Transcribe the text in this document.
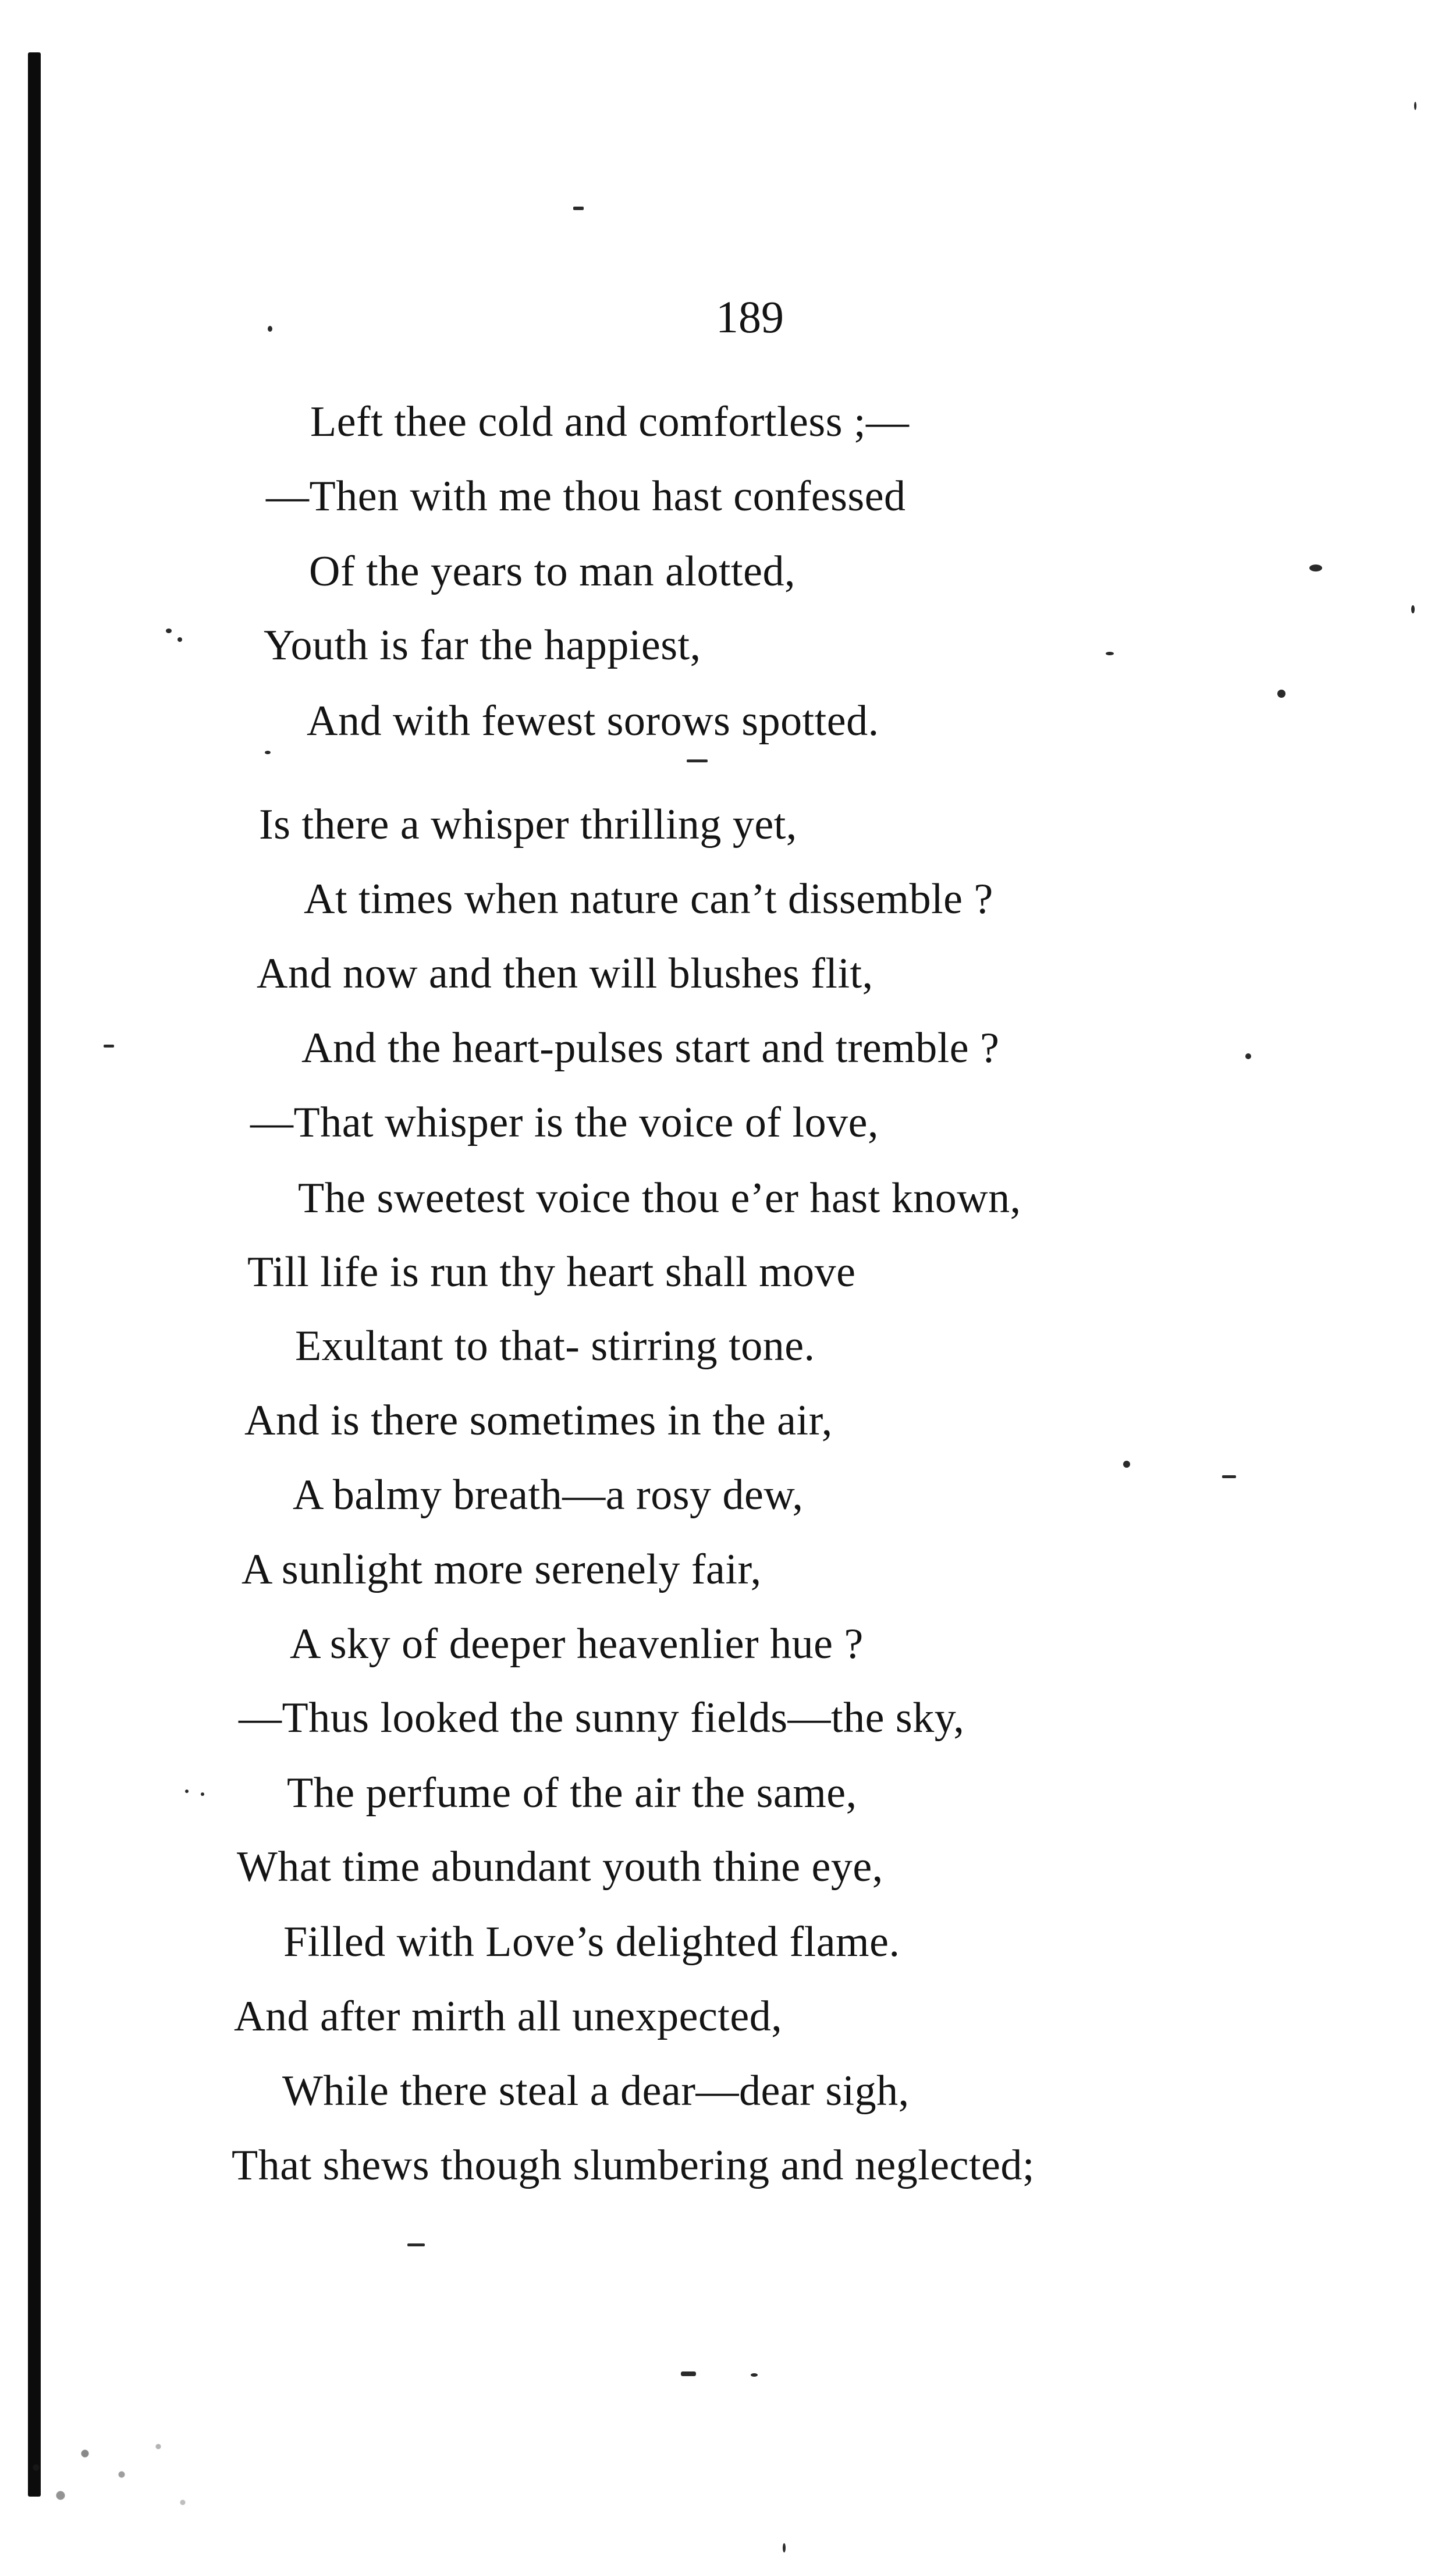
189
Left thee cold and comfortless ;—
—Then with me thou hast confessed
Of the years to man alotted,
Youth is far the happiest,
And with fewest sorows spotted.
Is there a whisper thrilling yet,
At times when nature can’t dissemble ?
And now and then will blushes flit,
And the heart-pulses start and tremble ?
—That whisper is the voice of love,
The sweetest voice thou e’er hast known,
Till life is run thy heart shall move
Exultant to that- stirring tone.
And is there sometimes in the air,
A balmy breath—a rosy dew,
A sunlight more serenely fair,
A sky of deeper heavenlier hue ?
—Thus looked the sunny fields—the sky,
The perfume of the air the same,
What time abundant youth thine eye,
Filled with Love’s delighted flame.
And after mirth all unexpected,
While there steal a dear—dear sigh,
That shews though slumbering and neglected;
